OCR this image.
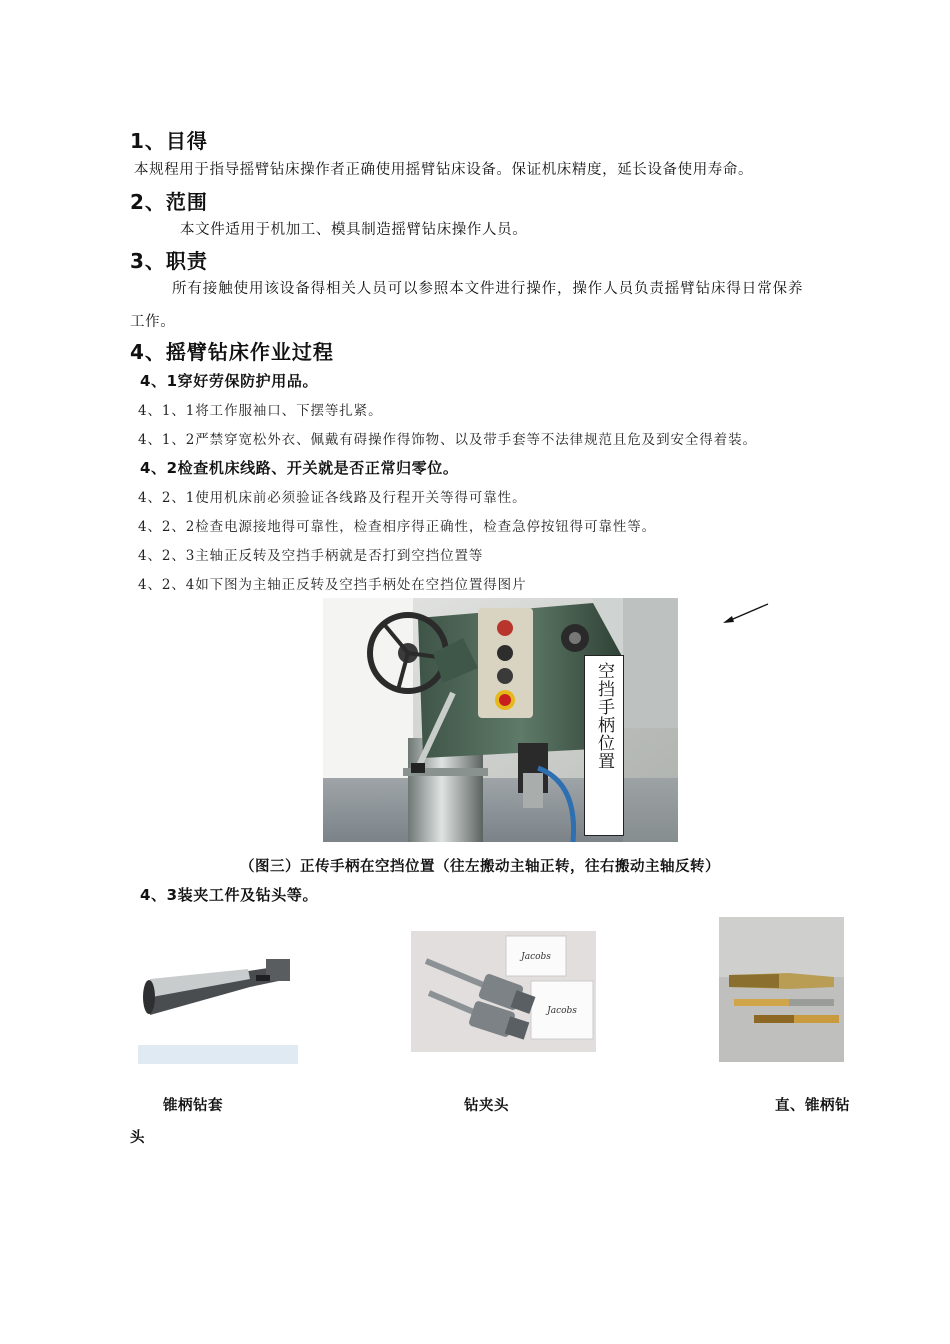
1、目得
本规程用于指导摇臂钻床操作者正确使用摇臂钻床设备。保证机床精度，延长设备使用寿命。
2、范围
本文件适用于机加工、模具制造摇臂钻床操作人员。
3、职责
所有接触使用该设备得相关人员可以参照本文件进行操作，操作人员负责摇臂钻床得日常保养
工作。
4、摇臂钻床作业过程
4、1穿好劳保防护用品。
4、1、1将工作服袖口、下摆等扎紧。
4、1、2严禁穿宽松外衣、佩戴有碍操作得饰物、以及带手套等不法律规范且危及到安全得着装。
4、2检查机床线路、开关就是否正常归零位。
4、2、1使用机床前必须验证各线路及行程开关等得可靠性。
4、2、2检查电源接地得可靠性，检查相序得正确性，检查急停按钮得可靠性等。
4、2、3主轴正反转及空挡手柄就是否打到空挡位置等
4、2、4如下图为主轴正反转及空挡手柄处在空挡位置得图片
空挡手柄位置
（图三）正传手柄在空挡位置（往左搬动主轴正转，往右搬动主轴反转）
4、3装夹工件及钻头等。
Jacobs
Jacobs
锥柄钻套	钻夹头	直、锥柄钻
头
